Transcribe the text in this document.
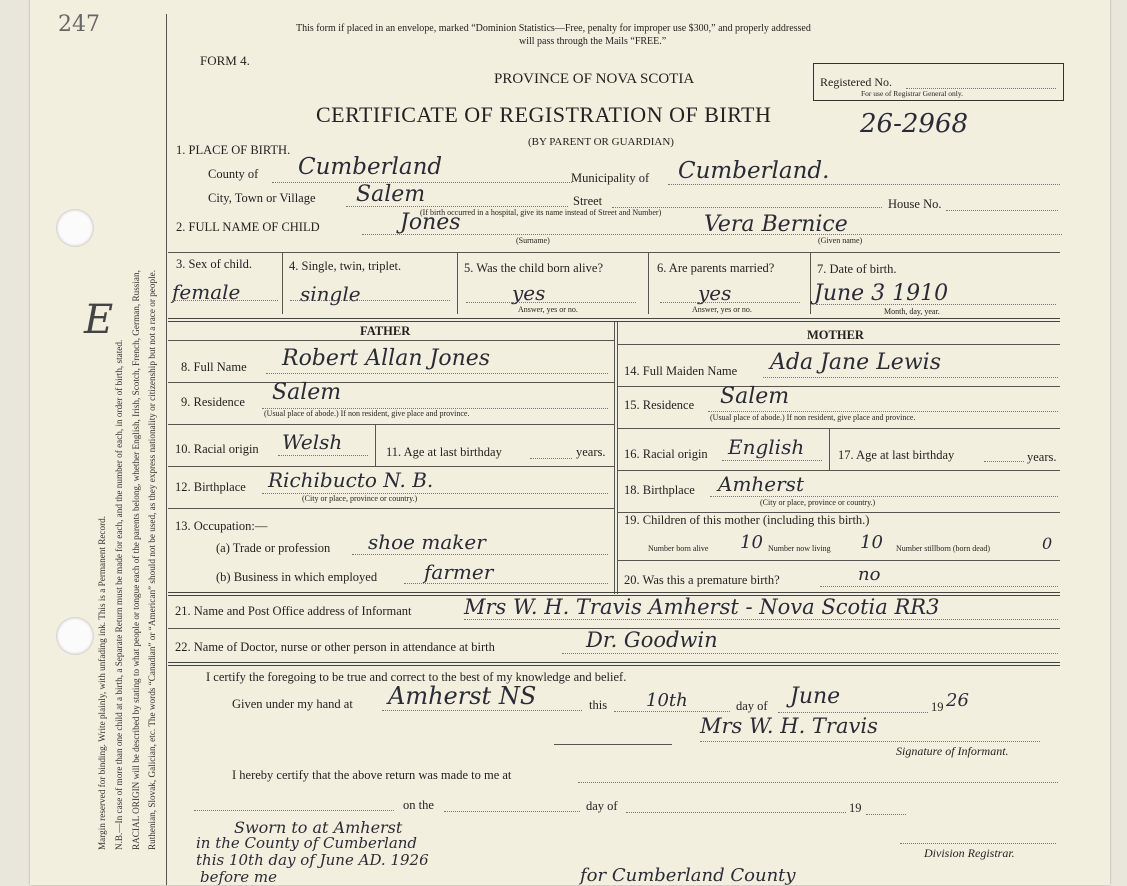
247
Margin reserved for binding. Write plainly, with unfading ink. This is a Permanent Record. N.B.—In case of more than one child at a birth, a Separate Return must be made for each, and the number of each, in order of birth, stated. RACIAL ORIGIN will be described by stating to what people or tongue each of the parents belong, whether English, Irish, Scotch, French, German, Russian, Ruthenian, Slovak, Galician, etc. The words “Canadian” or “American” should not be used, as they express nationality or citizenship but not a race or people.
E
This form if placed in an envelope, marked “Dominion Statistics—Free, penalty for improper use $300,” and properly addressed
will pass through the Mails “FREE.”
FORM 4.
PROVINCE OF NOVA SCOTIA
CERTIFICATE OF REGISTRATION OF BIRTH
(BY PARENT OR GUARDIAN)
Registered No.
For use of Registrar General only.
26-2968
1. PLACE OF BIRTH.
County of Cumberland	Municipality of Cumberland.
City, Town or Village Salem	Street	House No.
(If birth occurred in a hospital, give its name instead of Street and Number)
2. FULL NAME OF CHILD	Jones
(Surname)
Vera Bernice
(Given name)
3. Sex of child.
female
4. Single, twin, triplet.
single
5. Was the child born alive?
yes
Answer, yes or no.
6. Are parents married?
yes
Answer, yes or no.
7. Date of birth.
June 3 1910
Month, day, year.
FATHER	MOTHER
8. Full Name Robert Allan Jones
9. Residence Salem
(Usual place of abode.) If non resident, give place and province.
10. Racial origin Welsh	11. Age at last birthday	years.
12. Birthplace Richibucto N. B.
(City or place, province or country.)
13. Occupation:—
(a) Trade or profession shoe maker
(b) Business in which employed farmer
14. Full Maiden Name Ada Jane Lewis
15. Residence Salem
(Usual place of abode.) If non resident, give place and province.
16. Racial origin English	17. Age at last birthday	years.
18. Birthplace Amherst
(City or place, province or country.)
19. Children of this mother (including this birth.)
Number born alive 10 Number now living 10 Number stillborn (born dead)	0
20. Was this a premature birth?	no
21. Name and Post Office address of Informant Mrs W. H. Travis Amherst - Nova Scotia RR3
22. Name of Doctor, nurse or other person in attendance at birth	Dr. Goodwin
I certify the foregoing to be true and correct to the best of my knowledge and belief.
Given under my hand at Amherst NS	this 10th	day of June	19 26
Mrs W. H. Travis
Signature of Informant.
I hereby certify that the above return was made to me at
on the	day of	19
Division Registrar.
Sworn to at Amherst
in the County of Cumberland
this 10th day of June AD. 1926
before me	for Cumberland County
